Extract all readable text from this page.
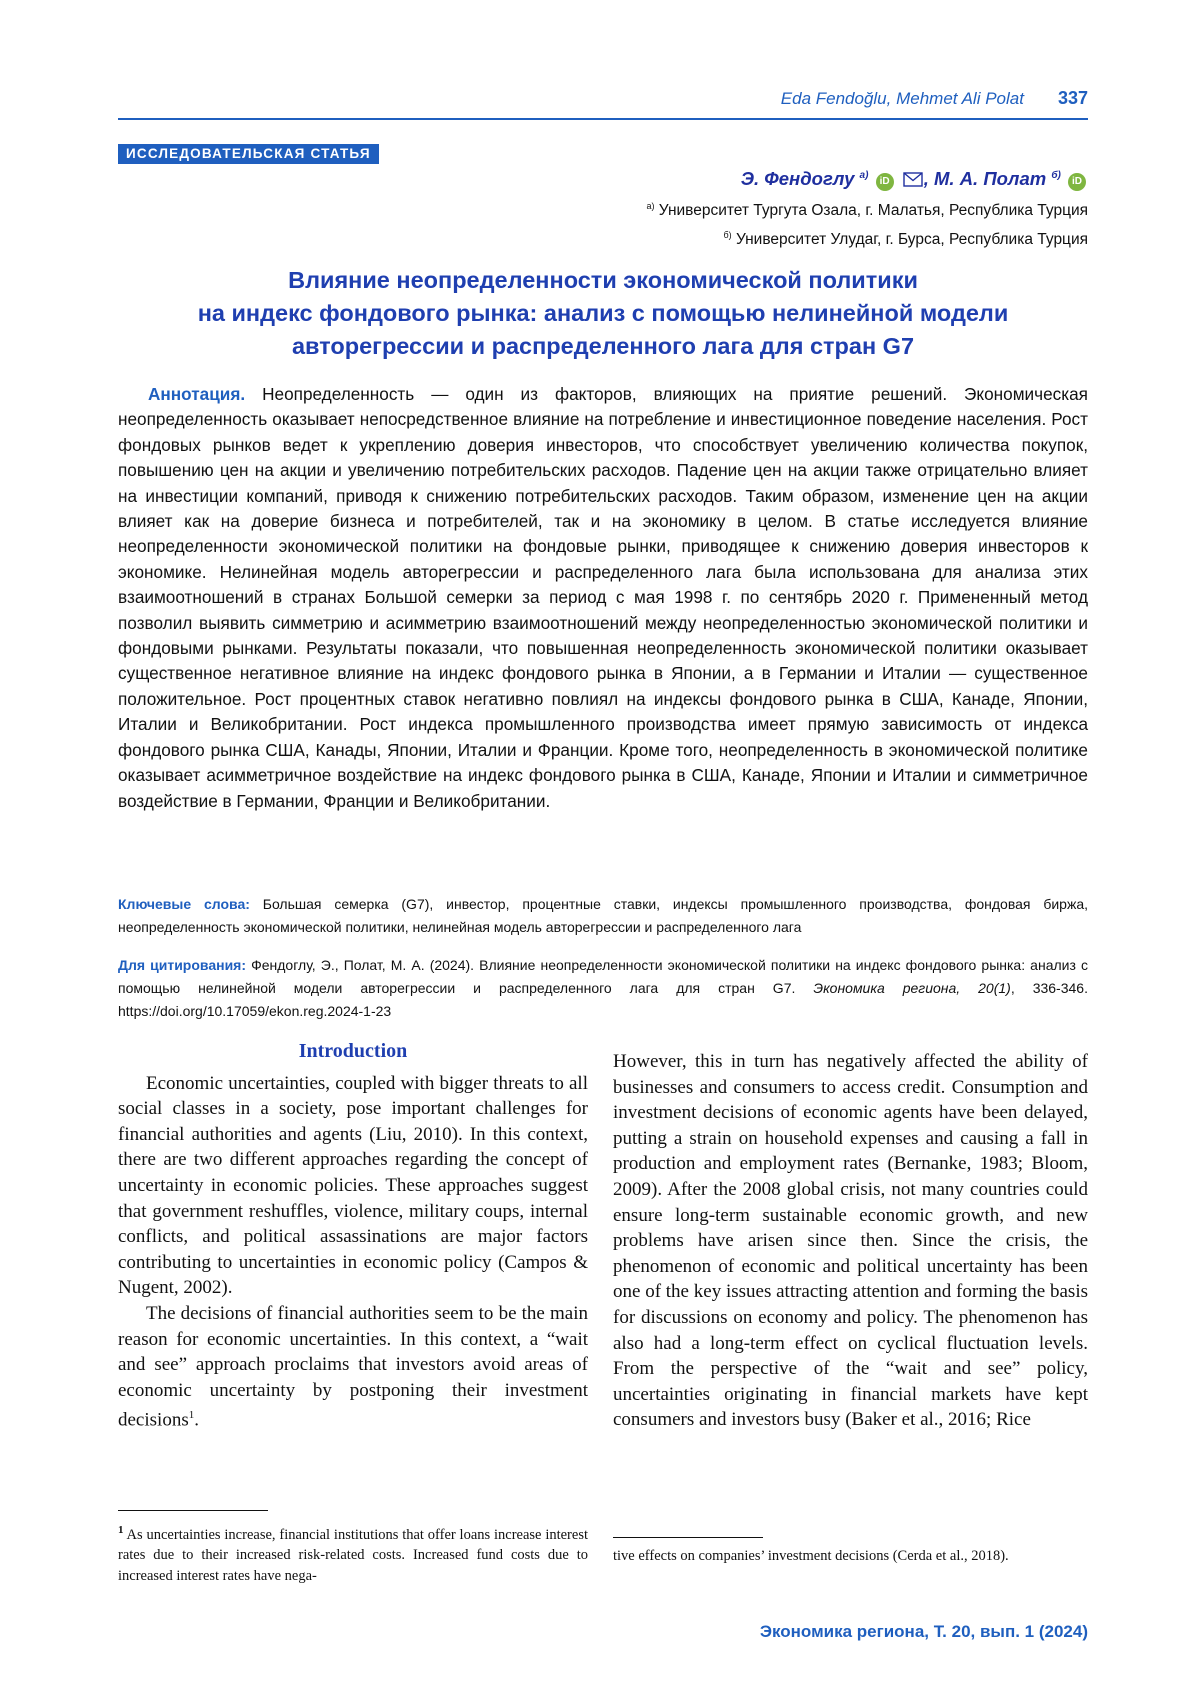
Eda Fendoğlu, Mehmet Ali Polat 337
ИССЛЕДОВАТЕЛЬСКАЯ СТАТЬЯ
Э. Фендоглу $^{а)}$ iD , М. А. Полат $^{б)}$ iD
$^{а)}$ Университет Тургута Озала, г. Малатья, Республика Турция
$^{б)}$ Университет Улудаг, г. Бурса, Республика Турция
Влияние неопределенности экономической политики
на индекс фондового рынка: анализ с помощью нелинейной модели
авторегрессии и распределенного лага для стран G7
Аннотация. Неопределенность — один из факторов, влияющих на приятие решений. Экономическая неопределенность оказывает непосредственное влияние на потребление и инвестиционное поведение населения. Рост фондовых рынков ведет к укреплению доверия инвесторов, что способствует увеличению количества покупок, повышению цен на акции и увеличению потребительских расходов. Падение цен на акции также отрицательно влияет на инвестиции компаний, приводя к снижению потребительских расходов. Таким образом, изменение цен на акции влияет как на доверие бизнеса и потребителей, так и на экономику в целом. В статье исследуется влияние неопределенности экономической политики на фондовые рынки, приводящее к снижению доверия инвесторов к экономике. Нелинейная модель авторегрессии и распределенного лага была использована для анализа этих взаимоотношений в странах Большой семерки за период с мая 1998 г. по сентябрь 2020 г. Примененный метод позволил выявить симметрию и асимметрию взаимоотношений между неопределенностью экономической политики и фондовыми рынками. Результаты показали, что повышенная неопределенность экономической политики оказывает существенное негативное влияние на индекс фондового рынка в Японии, а в Германии и Италии — существенное положительное. Рост процентных ставок негативно повлиял на индексы фондового рынка в США, Канаде, Японии, Италии и Великобритании. Рост индекса промышленного производства имеет прямую зависимость от индекса фондового рынка США, Канады, Японии, Италии и Франции. Кроме того, неопределенность в экономической политике оказывает асимметричное воздействие на индекс фондового рынка в США, Канаде, Японии и Италии и симметричное воздействие в Германии, Франции и Великобритании.
Ключевые слова: Большая семерка (G7), инвестор, процентные ставки, индексы промышленного производства, фондовая биржа, неопределенность экономической политики, нелинейная модель авторегрессии и распределенного лага
Для цитирования: Фендоглу, Э., Полат, М. А. (2024). Влияние неопределенности экономической политики на индекс фондового рынка: анализ с помощью нелинейной модели авторегрессии и распределенного лага для стран G7. Экономика региона, 20(1), 336-346. https://doi.org/10.17059/ekon.reg.2024-1-23
Introduction

Economic uncertainties, coupled with bigger threats to all social classes in a society, pose important challenges for financial authorities and agents (Liu, 2010). In this context, there are two different approaches regarding the concept of uncertainty in economic policies. These approaches suggest that government reshuffles, violence, military coups, internal conflicts, and political assassinations are major factors contributing to uncertainties in economic policy (Campos & Nugent, 2002).

The decisions of financial authorities seem to be the main reason for economic uncertainties. In this context, a “wait and see” approach proclaims that investors avoid areas of economic uncertainty by postponing their investment decisions$^1$.

However, this in turn has negatively affected the ability of businesses and consumers to access credit. Consumption and investment decisions of economic agents have been delayed, putting a strain on household expenses and causing a fall in production and employment rates (Bernanke, 1983; Bloom, 2009). After the 2008 global crisis, not many countries could ensure long-term sustainable economic growth, and new problems have arisen since then. Since the crisis, the phenomenon of economic and political uncertainty has been one of the key issues attracting attention and forming the basis for discussions on economy and policy. The phenomenon has also had a long-term effect on cyclical fluctuation levels. From the perspective of the “wait and see” policy, uncertainties originating in financial markets have kept consumers and investors busy (Baker et al., 2016; Rice

$^1$ As uncertainties increase, financial institutions that offer loans increase interest rates due to their increased risk-related costs. Increased fund costs due to increased interest rates have nega-
tive effects on companies’ investment decisions (Cerda et al., 2018).
Экономика региона, Т. 20, вып. 1 (2024)
